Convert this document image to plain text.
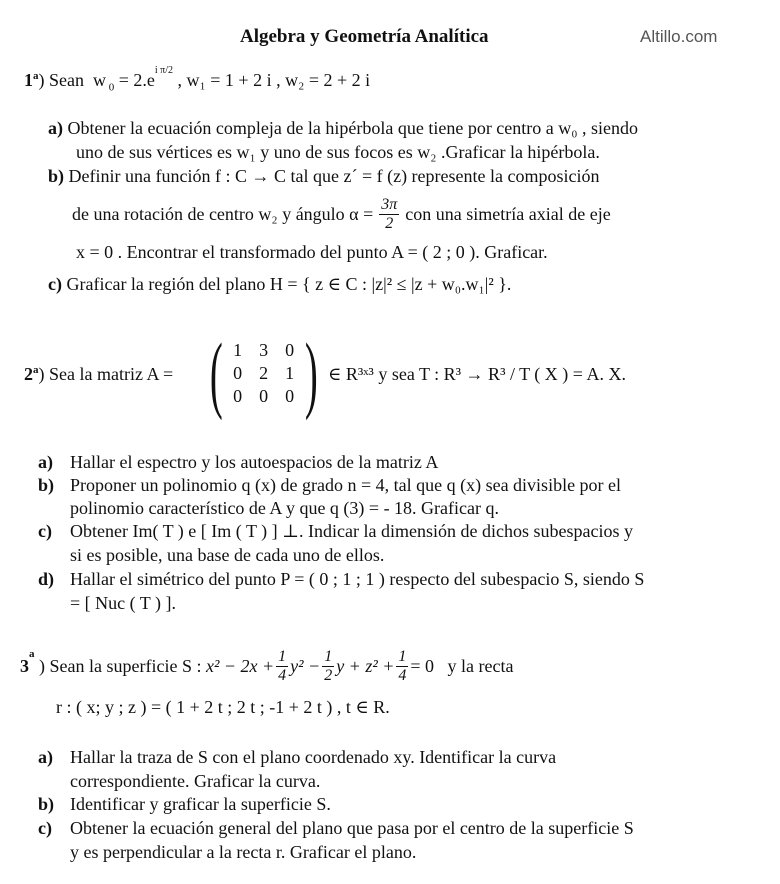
Algebra y Geometría Analítica	Altillo.com
1$^a$) Sean w $_0 = 2.e^{i \pi/2}$ , w₁ = 1 + 2 i , w₂ = 2 + 2 i
a) Obtener la ecuación compleja de la hipérbola que tiene por centro a w₀ , siendo
uno de sus vértices es w₁ y uno de sus focos es w₂ .Graficar la hipérbola.
b) Definir una función f : C → C tal que z´ = f (z) represente la composición
de una rotación de centro w₂ y ángulo $\alpha = \frac{3\pi}{2}$ con una simetría axial de eje
x = 0 . Encontrar el transformado del punto A = ( 2 ; 0 ). Graficar.
c) Graficar la región del plano H = { z ∈ C : |z|² ≤ |z + w₀.w₁|² }.
2$^a$) Sea la matriz A = ( 1 3 0
0 2 1
0 0 0 ) ∈ R³ˣ³ y sea T : R³ → R³ / T ( X ) = A. X.
a) Hallar el espectro y los autoespacios de la matriz A
b) Proponer un polinomio q (x) de grado n = 4, tal que q (x) sea divisible por el
polinomio característico de A y que q (3) = - 18. Graficar q.
c) Obtener Im( T ) e [ Im ( T ) ] ⊥. Indicar la dimensión de dichos subespacios y
si es posible, una base de cada uno de ellos.
d) Hallar el simétrico del punto P = ( 0 ; 1 ; 1 ) respecto del subespacio S, siendo S
= [ Nuc ( T ) ].
3
$^a$
) Sean la superficie S :
$x^2 - 2x + \frac{1}{4} y^2 - \frac{1}{2}$ $y + z^2 + \frac{1}{4} = 0$
y la recta
r : ( x; y ; z ) = ( 1 + 2 t ; 2 t ; -1 + 2 t ) , t ∈ R.
a) Hallar la traza de S con el plano coordenado xy. Identificar la curva
correspondiente. Graficar la curva.
b) Identificar y graficar la superficie S.
c) Obtener la ecuación general del plano que pasa por el centro de la superficie S
y es perpendicular a la recta r. Graficar el plano.
